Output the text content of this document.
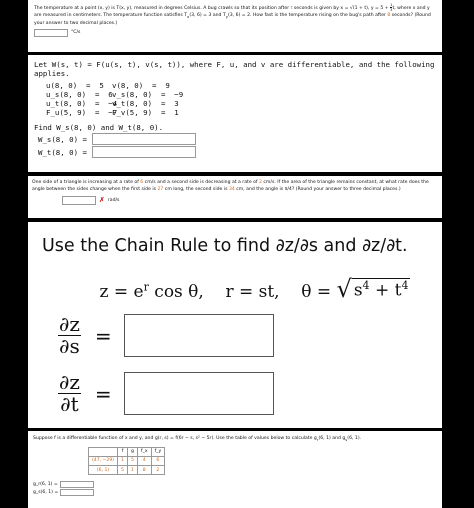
The temperature at a point (x, y) is T(x, y), measured in degrees Celsius. A bug crawls so that its position after t seconds is given by x = √(1 + t), $y = 5 + \frac{1}{3} t$, where x and y are measured in centimeters. The temperature function satisfies $T_x(3$, 6) = 3 and $T_y(3$, 6) = 2. How fast is the temperature rising on the bug's path after 8 seconds? (Round your answer to two decimal places.)
°C/s
Let W(s, t) = F(u(s, t), v(s, t)), where F, u, and v are differentiable, and the following applies.
u(8, 0)  =  5	v(8, 0)  =  9
u_s(8, 0)  =  6 v_s(8, 0)  =  −9
u_t(8, 0)  =  −4
v_t(8, 0)  =  3
F_u(5, 9)  =  −7
F_v(5, 9)  =  1
Find W_s(8, 0) and W_t(8, 0).
W_s(8, 0) =
W_t(8, 0) =
One side of a triangle is increasing at a rate of 6 cm/s and a second side is decreasing at a rate of 2 cm/s. If the area of the triangle remains constant, at what rate does the angle between the sides change when the first side is 27 cm long, the second side is 34 cm, and the angle is π/4? (Round your answer to three decimal places.)
✗ rad/s
Use the Chain Rule to find ∂z/∂s and ∂z/∂t.
$z = e^r$ cos θ, r = st, θ = √ $s^4 + t^4$
$\frac{\partial z}{\partial s}$ =
$\frac{\partial z}{\partial t}$ =
Suppose f is a differentiable function of x and y, and g(r, s) = f(6r − s, s² − 5r). Use the table of values below to calculate $g_r(6$, 1) and $g_s(6$, 1).
	f	g	f_x	f_y
(47, −29)	1	5	4	6
(6, 1)	5	1	8	2
g_r(6, 1) =
g_s(6, 1) =
